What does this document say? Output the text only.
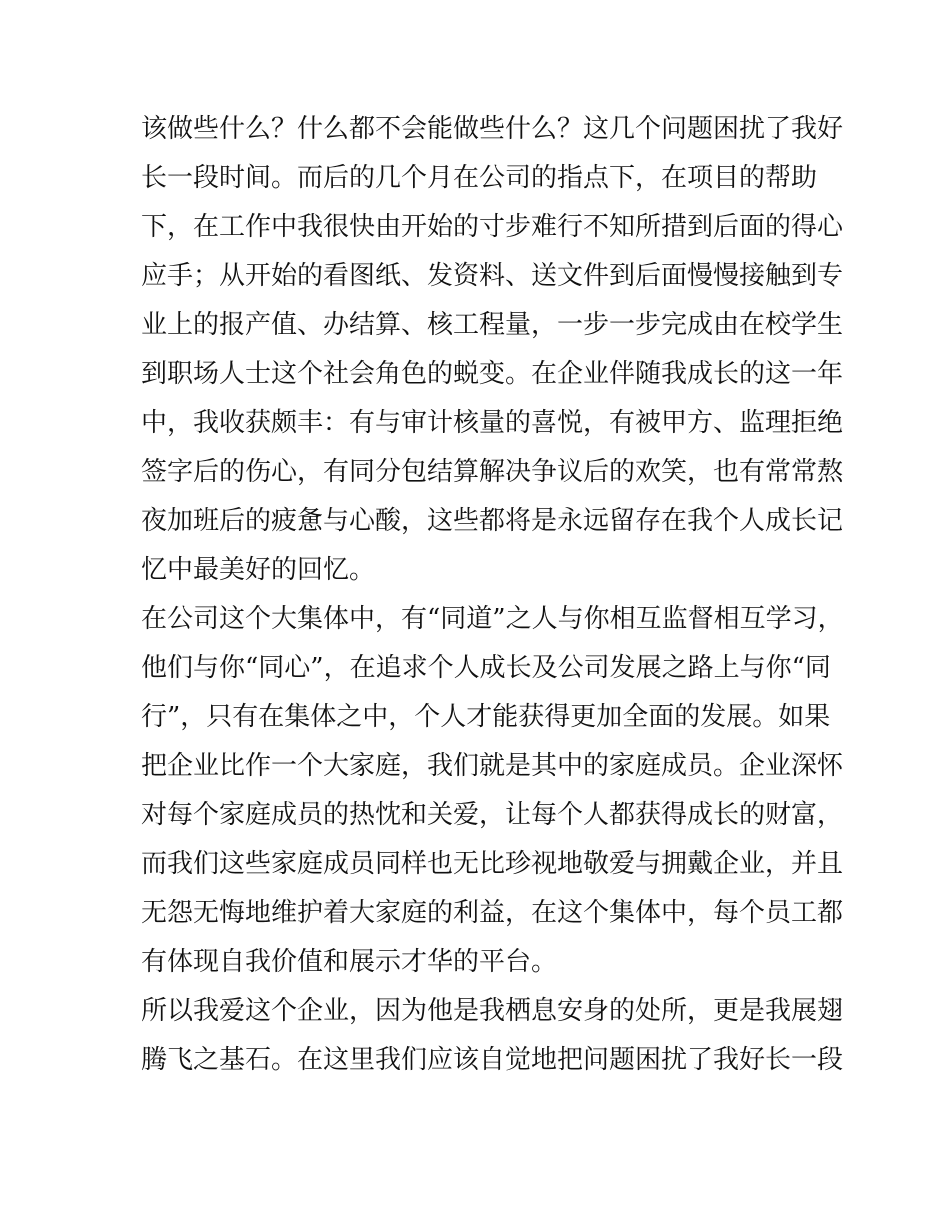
该做些什么？什么都不会能做些什么？这几个问题困扰了我好
长一段时间。而后的几个月在公司的指点下，在项目的帮助
下，在工作中我很快由开始的寸步难行不知所措到后面的得心
应手；从开始的看图纸、发资料、送文件到后面慢慢接触到专
业上的报产值、办结算、核工程量，一步一步完成由在校学生
到职场人士这个社会角色的蜕变。在企业伴随我成长的这一年
中，我收获颇丰：有与审计核量的喜悦，有被甲方、监理拒绝
签字后的伤心，有同分包结算解决争议后的欢笑，也有常常熬
夜加班后的疲惫与心酸，这些都将是永远留存在我个人成长记
忆中最美好的回忆。
在公司这个大集体中，有“同道”之人与你相互监督相互学习，
他们与你“同心”，在追求个人成长及公司发展之路上与你“同
行”，只有在集体之中，个人才能获得更加全面的发展。如果
把企业比作一个大家庭，我们就是其中的家庭成员。企业深怀
对每个家庭成员的热忱和关爱，让每个人都获得成长的财富，
而我们这些家庭成员同样也无比珍视地敬爱与拥戴企业，并且
无怨无悔地维护着大家庭的利益，在这个集体中，每个员工都
有体现自我价值和展示才华的平台。
所以我爱这个企业，因为他是我栖息安身的处所，更是我展翅
腾飞之基石。在这里我们应该自觉地把问题困扰了我好长一段
